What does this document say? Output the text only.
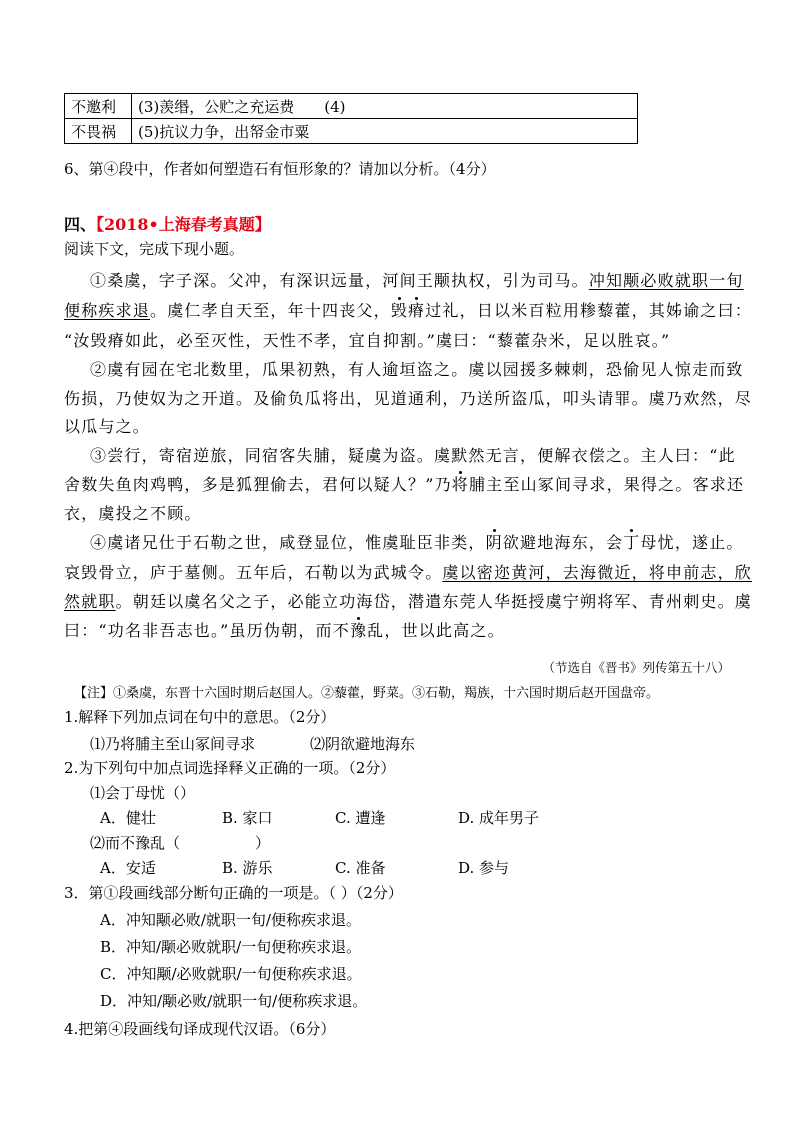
不邀利	(3)羡缗，公贮之充运费　　(4)
不畏祸	(5)抗议力争，出帑金市粟
6、第④段中，作者如何塑造石有恒形象的？请加以分析。（4分）
四、【2018•上海春考真题】
阅读下文，完成下现小题。
①桑虞，字子深。父冲，有深识远量，河间王颙执权，引为司马。冲知颙必败就职一旬
便称疾求退。虞仁孝自天至，年十四丧父，毁瘠过礼，日以米百粒用糁藜藿，其姊谕之曰：
“汝毁瘠如此，必至灭性，天性不孝，宜自抑割。”虞曰：“藜藿杂米，足以胜哀。”
②虞有园在宅北数里，瓜果初熟，有人逾垣盗之。虞以园援多棘刺，恐偷见人惊走而致
伤损，乃使奴为之开道。及偷负瓜将出，见道通利，乃送所盗瓜，叩头请罪。虞乃欢然，尽
以瓜与之。
③尝行，寄宿逆旅，同宿客失脯，疑虞为盗。虞默然无言，便解衣偿之。主人曰：“此
舍数失鱼肉鸡鸭，多是狐狸偷去，君何以疑人？”乃将脯主至山冢间寻求，果得之。客求还
衣，虞投之不顾。
④虞诸兄仕于石勒之世，咸登显位，惟虞耻臣非类，阴欲避地海东，会丁母忧，遂止。
哀毁骨立，庐于墓侧。五年后，石勒以为武城令。虞以密迩黄河，去海微近，将申前志，欣
然就职。朝廷以虞名父之子，必能立功海岱，潜遣东莞人华挺授虞宁朔将军、青州刺史。虞
曰：“功名非吾志也。”虽历伪朝，而不豫乱，世以此高之。
（节选自《晋书》列传第五十八）
【注】①桑虞，东晋十六国时期后赵国人。②藜藿，野菜。③石勒，羯族，十六国时期后赵开国盘帝。
1.解释下列加点词在句中的意思。（2分）
⑴乃将脯主至山冢间寻求	⑵阴欲避地海东
2.为下列句中加点词选择释义正确的一项。（2分）
⑴会丁母忧（）
A．健壮	B. 家口	C. 遭逢	D. 成年男子
⑵而不豫乱（　　　　　）
A．安适	B. 游乐	C. 准备	D. 参与
3．第①段画线部分断句正确的一项是。（ ）（2分）
A．冲知颙必败/就职一旬/便称疾求退。
B．冲知/颙必败就职/一旬便称疾求退。
C．冲知颙/必败就职/一旬便称疾求退。
D．冲知/颙必败/就职一旬/便称疾求退。
4.把第④段画线句译成现代汉语。（6分）
